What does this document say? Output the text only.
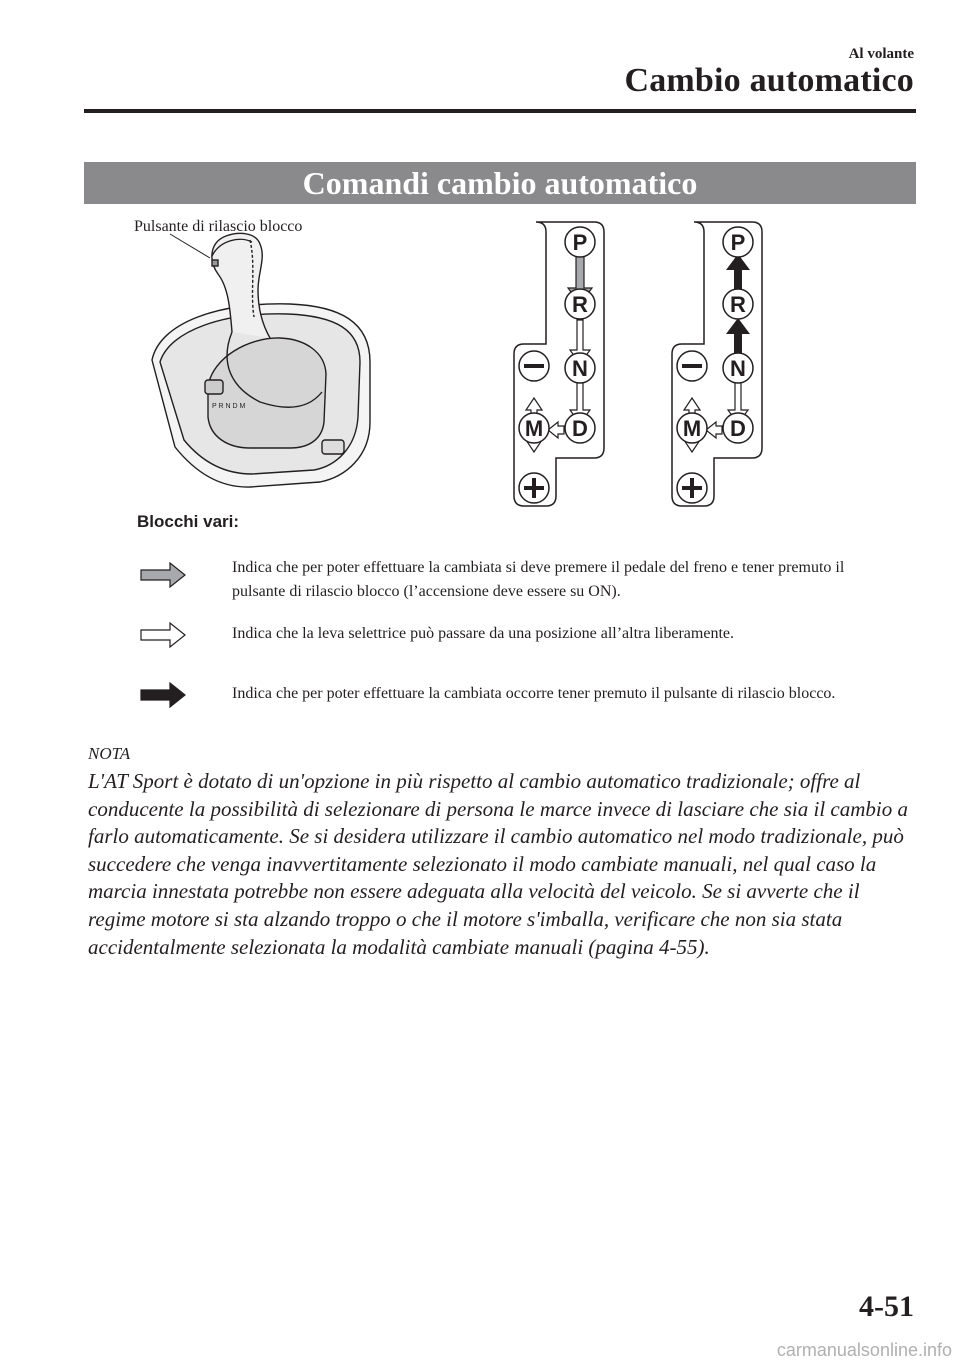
Al volante
Cambio automatico
Comandi cambio automatico
P R N D M
P
R
N
D
M
P
R
N
D
M
Pulsante di rilascio blocco
Blocchi vari:
Indica che per poter effettuare la cambiata si deve premere il pedale del freno e tener premuto il pulsante di rilascio blocco (l’accensione deve essere su ON).
Indica che la leva selettrice può passare da una posizione all’altra liberamente.
Indica che per poter effettuare la cambiata occorre tener premuto il pulsante di rilascio blocco.
NOTA
L'AT Sport è dotato di un'opzione in più rispetto al cambio automatico tradizionale; offre al conducente la possibilità di selezionare di persona le marce invece di lasciare che sia il cambio a farlo automaticamente. Se si desidera utilizzare il cambio automatico nel modo tradizionale, può succedere che venga inavvertitamente selezionato il modo cambiate manuali, nel qual caso la marcia innestata potrebbe non essere adeguata alla velocità del veicolo. Se si avverte che il regime motore si sta alzando troppo o che il motore s'imballa, verificare che non sia stata accidentalmente selezionata la modalità cambiate manuali (pagina 4-55).
4-51
carmanualsonline.info
